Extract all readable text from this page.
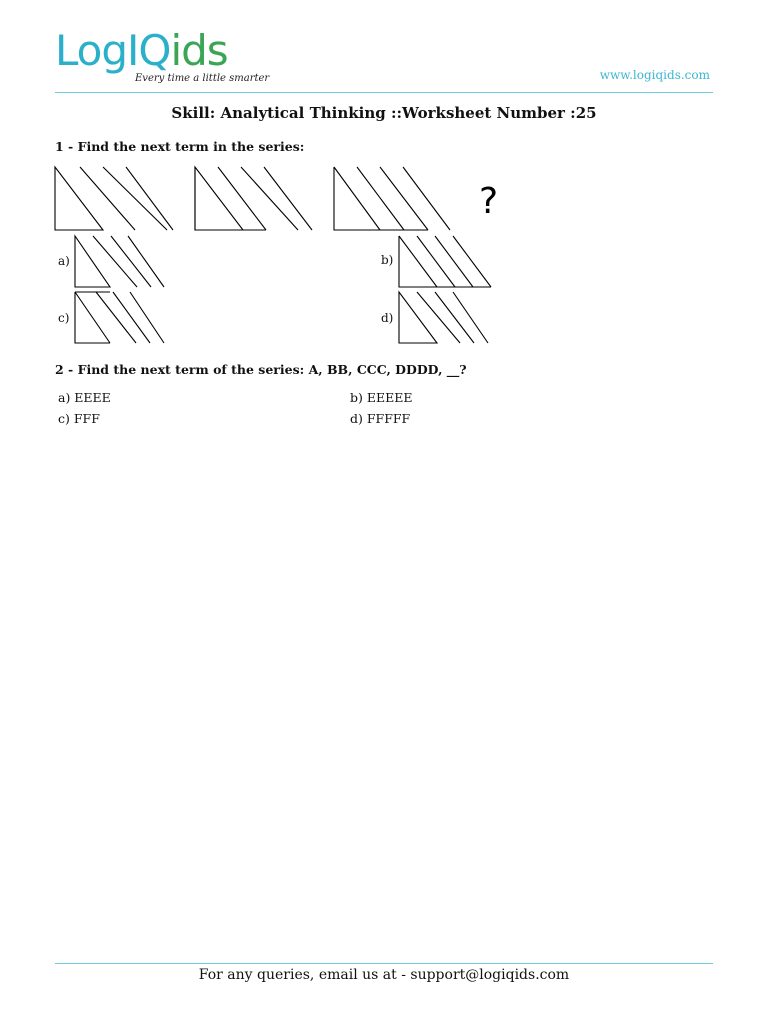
LogIQids
Every time a little smarter	www.logiqids.com
Skill: Analytical Thinking ::Worksheet Number :25
1 - Find the next term in the series:
?
a)	b)
c)	d)
2 - Find the next term of the series: A, BB, CCC, DDDD, __?
a) EEEE	b) EEEEE
c) FFF	d) FFFFF
For any queries, email us at - support@logiqids.com
